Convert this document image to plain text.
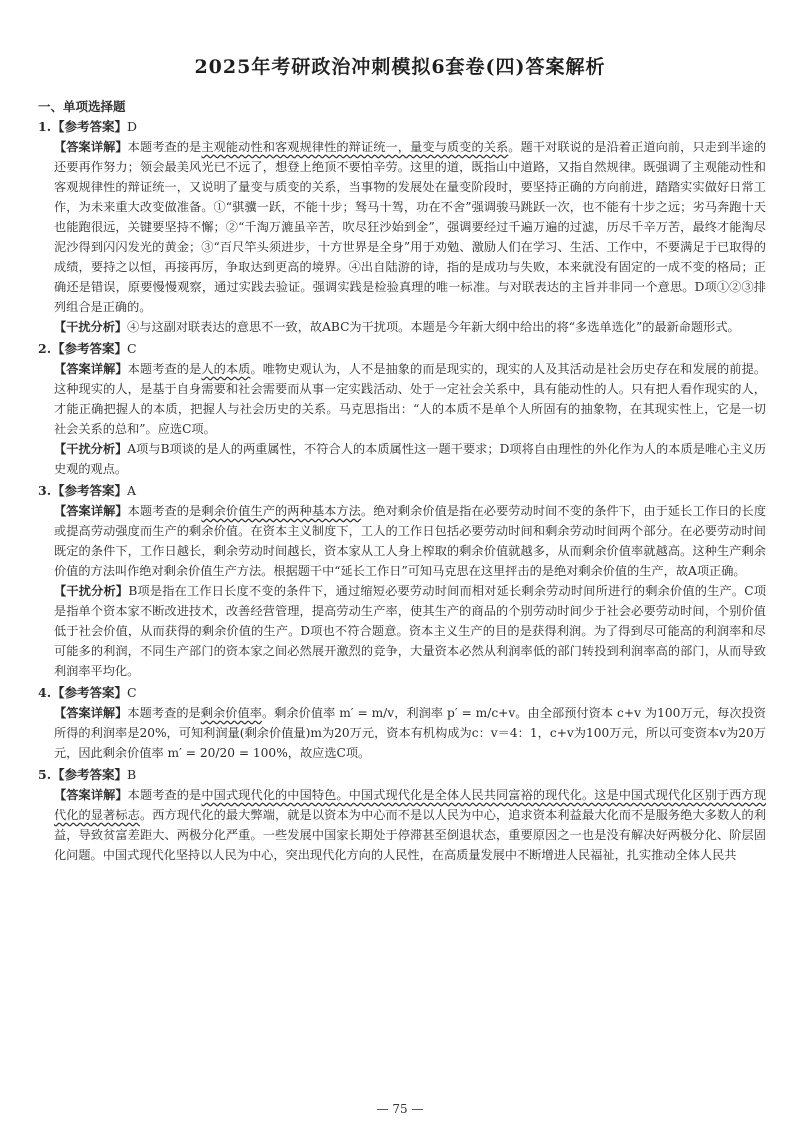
2025年考研政治冲刺模拟6套卷(四)答案解析
一、单项选择题
1.【参考答案】D
【答案详解】本题考查的是主观能动性和客观规律性的辩证统一，量变与质变的关系。题干对联说的是沿着正道向前，只走到半途的还要再作努力；领会最美风光已不远了，想登上绝顶不要怕辛劳。这里的道，既指山中道路，又指自然规律。既强调了主观能动性和客观规律性的辩证统一，又说明了量变与质变的关系，当事物的发展处在量变阶段时，要坚持正确的方向前进，踏踏实实做好日常工作，为未来重大改变做准备。①“骐骥一跃，不能十步；驽马十驾，功在不舍”强调骏马跳跃一次，也不能有十步之远；劣马奔跑十天也能跑很远，关键要坚持不懈；②“千淘万漉虽辛苦，吹尽狂沙始到金”，强调要经过千遍万遍的过滤，历尽千辛万苦，最终才能淘尽泥沙得到闪闪发光的黄金；③“百尺竿头须进步，十方世界是全身”用于劝勉、激励人们在学习、生活、工作中，不要满足于已取得的成绩，要持之以恒，再接再厉，争取达到更高的境界。④出自陆游的诗，指的是成功与失败，本来就没有固定的一成不变的格局；正确还是错误，原要慢慢观察，通过实践去验证。强调实践是检验真理的唯一标准。与对联表达的主旨并非同一个意思。D项①②③排列组合是正确的。
【干扰分析】④与这副对联表达的意思不一致，故ABC为干扰项。本题是今年新大纲中给出的将“多选单选化”的最新命题形式。
2.【参考答案】C
【答案详解】本题考查的是人的本质。唯物史观认为，人不是抽象的而是现实的，现实的人及其活动是社会历史存在和发展的前提。这种现实的人，是基于自身需要和社会需要而从事一定实践活动、处于一定社会关系中，具有能动性的人。只有把人看作现实的人，才能正确把握人的本质，把握人与社会历史的关系。马克思指出：“人的本质不是单个人所固有的抽象物，在其现实性上，它是一切社会关系的总和”。应选C项。
【干扰分析】A项与B项谈的是人的两重属性，不符合人的本质属性这一题干要求；D项将自由理性的外化作为人的本质是唯心主义历史观的观点。
3.【参考答案】A
【答案详解】本题考查的是剩余价值生产的两种基本方法。绝对剩余价值是指在必要劳动时间不变的条件下，由于延长工作日的长度或提高劳动强度而生产的剩余价值。在资本主义制度下，工人的工作日包括必要劳动时间和剩余劳动时间两个部分。在必要劳动时间既定的条件下，工作日越长，剩余劳动时间越长，资本家从工人身上榨取的剩余价值就越多，从而剩余价值率就越高。这种生产剩余价值的方法叫作绝对剩余价值生产方法。根据题干中“延长工作日”可知马克思在这里抨击的是绝对剩余价值的生产，故A项正确。
【干扰分析】B项是指在工作日长度不变的条件下，通过缩短必要劳动时间而相对延长剩余劳动时间所进行的剩余价值的生产。C项是指单个资本家不断改进技术，改善经营管理，提高劳动生产率，使其生产的商品的个别劳动时间少于社会必要劳动时间，个别价值低于社会价值，从而获得的剩余价值的生产。D项也不符合题意。资本主义生产的目的是获得利润。为了得到尽可能高的利润率和尽可能多的利润，不同生产部门的资本家之间必然展开激烈的竞争，大量资本必然从利润率低的部门转投到利润率高的部门，从而导致利润率平均化。
4.【参考答案】C
【答案详解】本题考查的是剩余价值率。剩余价值率 m′ = m/v，利润率 p′ = m/c+v。由全部预付资本 c+v 为100万元，每次投资所得的利润率是20%，可知利润量(剩余价值量)m为20万元，资本有机构成为c：v＝4：1，c+v为100万元，所以可变资本v为20万元，因此剩余价值率 m′ = 20/20 = 100%，故应选C项。
5.【参考答案】B
【答案详解】本题考查的是中国式现代化的中国特色。中国式现代化是全体人民共同富裕的现代化。这是中国式现代化区别于西方现代化的显著标志。西方现代化的最大弊端，就是以资本为中心而不是以人民为中心，追求资本利益最大化而不是服务绝大多数人的利益，导致贫富差距大、两极分化严重。一些发展中国家长期处于停滞甚至倒退状态，重要原因之一也是没有解决好两极分化、阶层固化问题。中国式现代化坚持以人民为中心，突出现代化方向的人民性，在高质量发展中不断增进人民福祉，扎实推动全体人民共
— 75 —
